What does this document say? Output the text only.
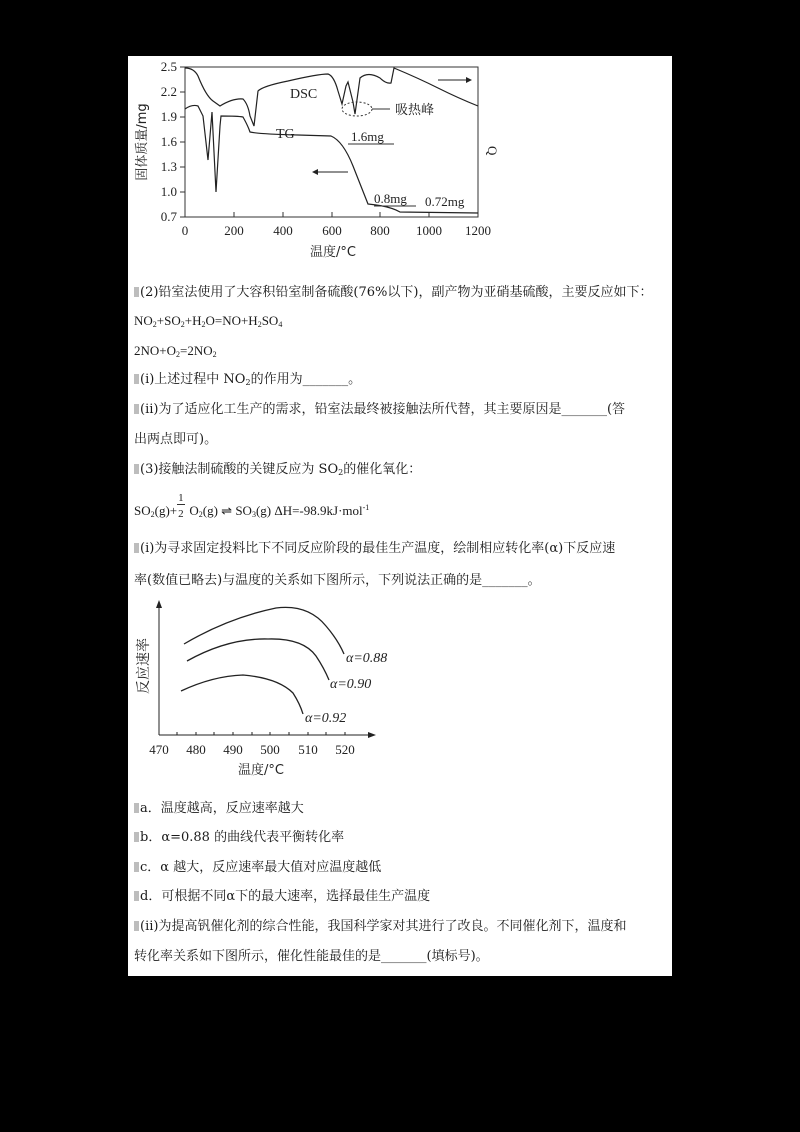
2.5
2.2
1.9
1.6
1.3
1.0
0.7
0	200 400 600 800 1000 1200
温度/°C
固体质量/mg	Q
DSC
TG	1.6mg
0.8mg 0.72mg
吸热峰
(2)铅室法使用了大容积铅室制备硫酸(76%以下)，副产物为亚硝基硫酸，主要反应如下：
$NO_2+SO_2+H_2O=NO+H_2SO_4$
$2NO+O_2=2NO_2$
(ⅰ)上述过程中 $NO_2$的作用为_______。
(ⅱ)为了适应化工生产的需求，铅室法最终被接触法所代替，其主要原因是_______(答
出两点即可)。
(3)接触法制硫酸的关键反应为 $SO_2$的催化氧化：
$SO_2(g)+ \frac{1}{2} O_2(g)$ ⇌ $SO_3(g)$ ΔH=-98.9kJ·mol$^{-1}$
(ⅰ)为寻求固定投料比下不同反应阶段的最佳生产温度，绘制相应转化率(α)下反应速
率(数值已略去)与温度的关系如下图所示，下列说法正确的是_______。
470 480 490 500 510 520
温度/°C
反应速率	α=0.88
α=0.90
α=0.92
a．温度越高，反应速率越大
b．α=0.88 的曲线代表平衡转化率
c．α 越大，反应速率最大值对应温度越低
d．可根据不同α下的最大速率，选择最佳生产温度
(ⅱ)为提高钒催化剂的综合性能，我国科学家对其进行了改良。不同催化剂下，温度和
转化率关系如下图所示，催化性能最佳的是_______(填标号)。
